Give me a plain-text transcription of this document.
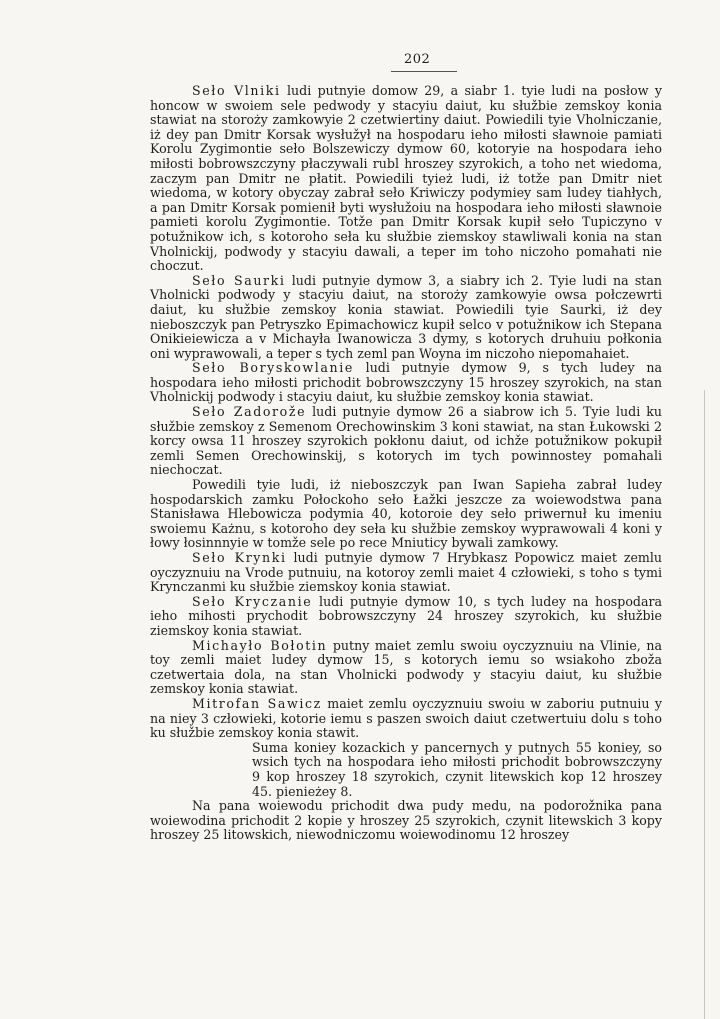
202

Seło Vlniki ludi putnyie domow 29, a siabr 1. tyie ludi na posłow y honcow w swoiem sele pedwody y stacyiu daiut, ku słužbie zemskoy konia stawiat na storoży zamkowyie 2 czetwiertiny daiut. Powiedili tyie Vholniczanie, iż dey pan Dmitr Korsak wysłužył na hospodaru ieho miłosti sławnoie pamiati Korolu Zygimontie seło Bolszewiczy dymow 60, kotoryie na hospodara ieho miłosti bobrowszczyny płaczywali rubl hroszey szyrokich, a toho net wiedoma, zaczym pan Dmitr ne płatit. Powiedili tyież ludi, iż totže pan Dmitr niet wiedoma, w kotory obyczay zabrał seło Kriwiczy podymiey sam ludey tiahłych, a pan Dmitr Korsak pomienił byti wysłužoiu na hospodara ieho miłosti sławnoie pamieti korolu Zygimontie. Totže pan Dmitr Korsak kupił seło Tupiczyno v potužnikow ich, s kotoroho seła ku słužbie ziemskoy stawliwali konia na stan Vholnickij, podwody y stacyiu dawali, a teper im toho niczoho pomahati nie choczut.

Seło Saurki ludi putnyie dymow 3, a siabry ich 2. Tyie ludi na stan Vholnicki podwody y stacyiu daiut, na storoży zamkowyie owsa połczewrti daiut, ku słužbie zemskoy konia stawiat. Powiedili tyie Saurki, iż dey nieboszczyk pan Petryszko Epimachowicz kupił selco v potužnikow ich Stepana Onikieiewicza a v Michayła Iwanowicza 3 dymy, s kotorych druhuiu połkonia oni wyprawowali, a teper s tych zeml pan Woyna im niczoho niepomahaiet.

Seło Boryskowlanie ludi putnyie dymow 9, s tych ludey na hospodara ieho miłosti prichodit bobrowszczyny 15 hroszey szyrokich, na stan Vholnickij podwody i stacyiu daiut, ku słužbie zemskoy konia stawiat.

Seło Zadorože ludi putnyie dymow 26 a siabrow ich 5. Tyie ludi ku słužbie zemskoy z Semenom Orechowinskim 3 koni stawiat, na stan Łukowski 2 korcy owsa 11 hroszey szyrokich pokłonu daiut, od ichže potužnikow pokupił zemli Semen Orechowinskij, s kotorych im tych powinnostey pomahali niechoczat.

Powedili tyie ludi, iż nieboszczyk pan Iwan Sapieha zabrał ludey hospodarskich zamku Połockoho seło Łažki jeszcze za woiewodstwa pana Stanisława Hlebowicza podymia 40, kotoroie dey seło priwernuł ku imeniu swoiemu Każnu, s kotoroho dey seła ku słužbie zemskoy wyprawowali 4 koni y łowy łosinnnyie w tomže sele po rece Mniuticy bywali zamkowy.

Seło Krynki ludi putnyie dymow 7 Hrybkasz Popowicz maiet zemlu oyczyznuiu na Vrode putnuiu, na kotoroy zemli maiet 4 człowieki, s toho s tymi Krynczanmi ku słužbie ziemskoy konia stawiat.

Seło Kryczanie ludi putnyie dymow 10, s tych ludey na hospodara ieho mihosti prychodit bobrowszczyny 24 hroszey szyrokich, ku słužbie ziemskoy konia stawiat.

Michayło Bołotin putny maiet zemlu swoiu oyczyznuiu na Vlinie, na toy zemli maiet ludey dymow 15, s kotorych iemu so wsiakoho zboža czetwertaia dola, na stan Vholnicki podwody y stacyiu daiut, ku słužbie zemskoy konia stawiat.

Mitrofan Sawicz maiet zemlu oyczyznuiu swoiu w zaboriu putnuiu y na niey 3 człowieki, kotorie iemu s paszen swoich daiut czetwertuiu dolu s toho ku słužbie zemskoy konia stawit.

Suma koniey kozackich y pancernych y putnych 55 koniey, so wsich tych na hospodara ieho miłosti prichodit bobrowszczyny 9 kop hroszey 18 szyrokich, czynit litewskich kop 12 hroszey 45. pienieżey 8.

Na pana woiewodu prichodit dwa pudy medu, na podorožnika pana woiewodina prichodit 2 kopie y hroszey 25 szyrokich, czynit litewskich 3 kopy hroszey 25 litowskich, niewodniczomu woiewodinomu 12 hroszey
